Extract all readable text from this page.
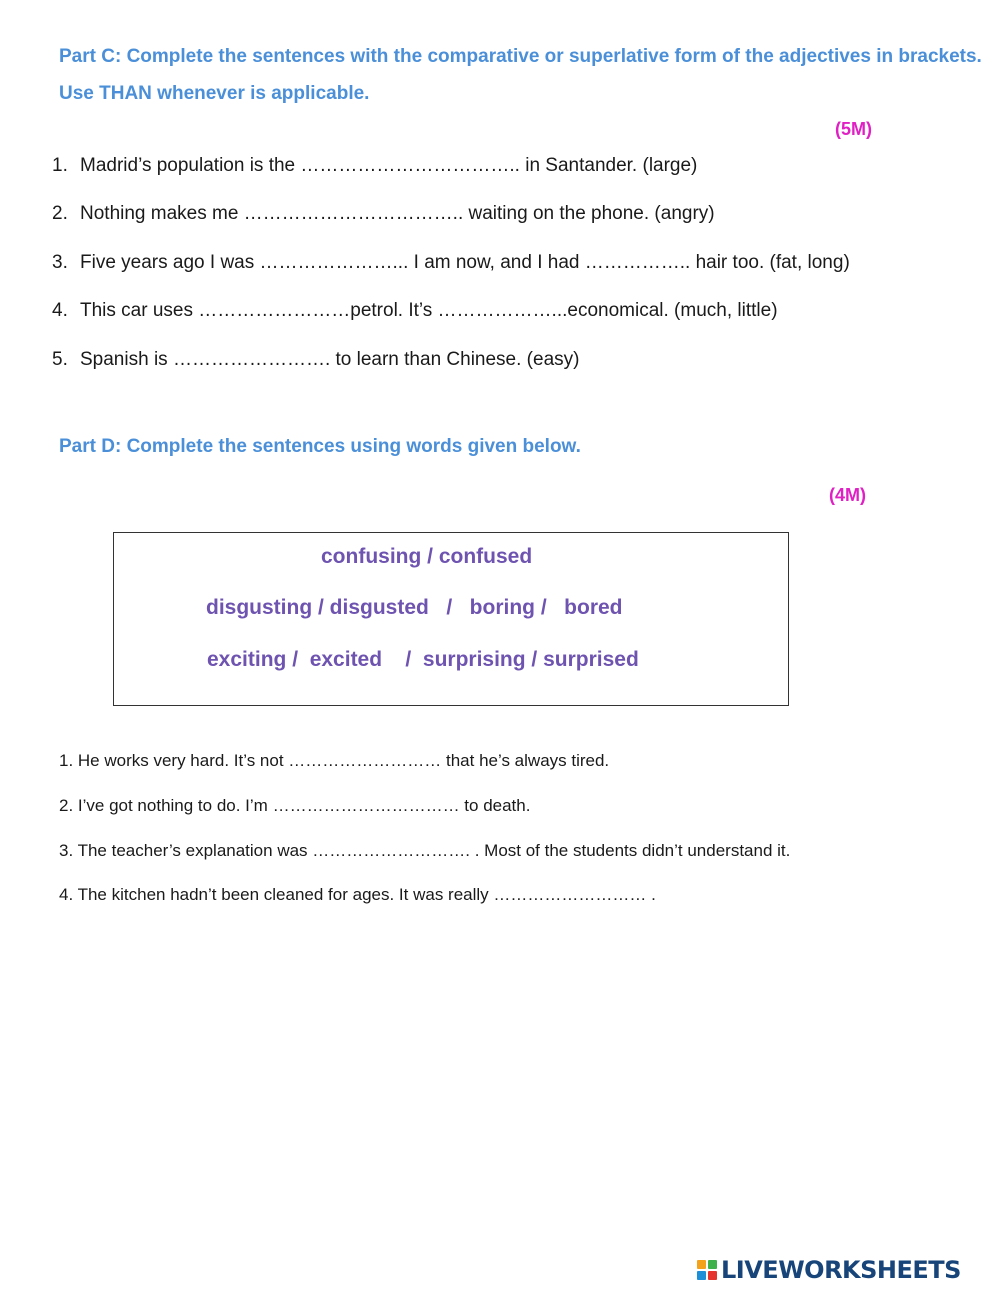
Part C: Complete the sentences with the comparative or superlative form of the adjectives in brackets. Use THAN whenever is applicable.

(5M)
1. Madrid’s population is the …………………………….. in Santander. (large)
2. Nothing makes me …………………………….. waiting on the phone. (angry)
3. Five years ago I was …………………... I am now, and I had …………….. hair too. (fat, long)
4. This car uses ……………………petrol. It’s ………………...economical. (much, little)
5. Spanish is ……………………. to learn than Chinese. (easy)

Part D: Complete the sentences using words given below.

(4M)
confusing / confused
disgusting / disgusted   /   boring /   bored
exciting /  excited    /  surprising / surprised
1. He works very hard. It’s not ……………………… that he’s always tired.
2. I’ve got nothing to do. I’m …………………………… to death.
3. The teacher’s explanation was ………………………. . Most of the students didn’t understand it.
4. The kitchen hadn’t been cleaned for ages. It was really ……………………… .
LIVEWORKSHEETS
